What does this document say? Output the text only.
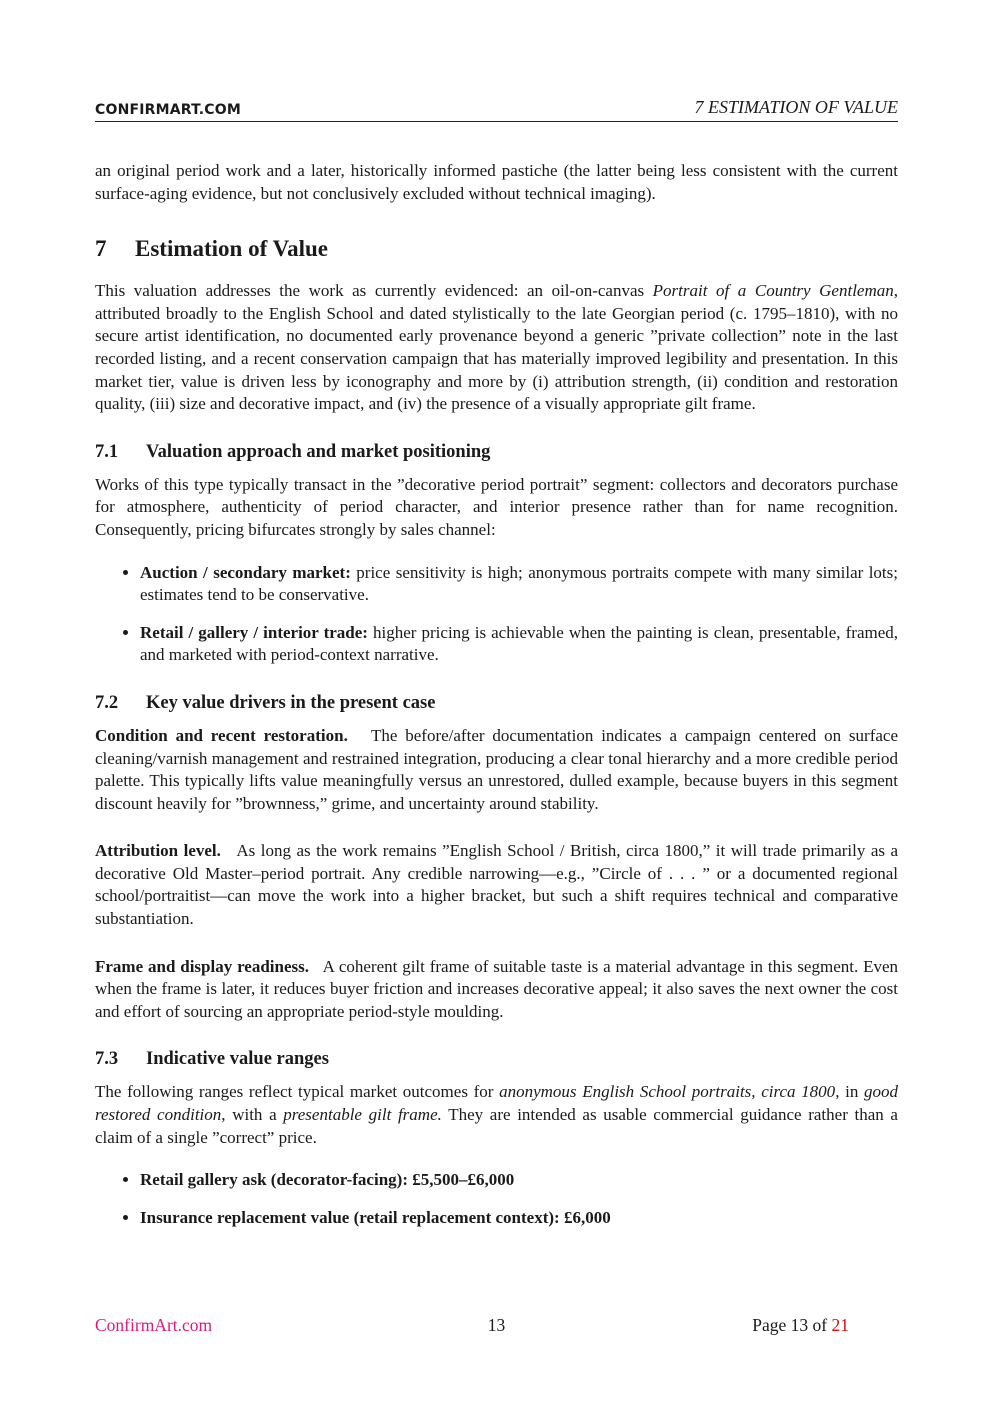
CONFIRMART.COM	7 ESTIMATION OF VALUE

an original period work and a later, historically informed pastiche (the latter being less consistent with the current surface-aging evidence, but not conclusively excluded without technical imaging).

7 Estimation of Value

This valuation addresses the work as currently evidenced: an oil-on-canvas Portrait of a Country Gentleman, attributed broadly to the English School and dated stylistically to the late Georgian period (c. 1795–1810), with no secure artist identification, no documented early provenance beyond a generic ”private collection” note in the last recorded listing, and a recent conservation campaign that has materially improved legibility and presentation. In this market tier, value is driven less by iconography and more by (i) attribution strength, (ii) condition and restoration quality, (iii) size and decorative impact, and (iv) the presence of a visually appropriate gilt frame.

7.1 Valuation approach and market positioning

Works of this type typically transact in the ”decorative period portrait” segment: collectors and decorators purchase for atmosphere, authenticity of period character, and interior presence rather than for name recognition. Consequently, pricing bifurcates strongly by sales channel:

• Auction / secondary market: price sensitivity is high; anonymous portraits compete with many similar lots; estimates tend to be conservative.
• Retail / gallery / interior trade: higher pricing is achievable when the painting is clean, presentable, framed, and marketed with period-context narrative.
7.2 Key value drivers in the present case

Condition and recent restoration. The before/after documentation indicates a campaign centered on surface cleaning/varnish management and restrained integration, producing a clear tonal hierarchy and a more credible period palette. This typically lifts value meaningfully versus an unrestored, dulled example, because buyers in this segment discount heavily for ”brownness,” grime, and uncertainty around stability.

Attribution level. As long as the work remains ”English School / British, circa 1800,” it will trade primarily as a decorative Old Master–period portrait. Any credible narrowing—e.g., ”Circle of . . . ” or a documented regional school/portraitist—can move the work into a higher bracket, but such a shift requires technical and comparative substantiation.

Frame and display readiness. A coherent gilt frame of suitable taste is a material advantage in this segment. Even when the frame is later, it reduces buyer friction and increases decorative appeal; it also saves the next owner the cost and effort of sourcing an appropriate period-style moulding.

7.3 Indicative value ranges

The following ranges reflect typical market outcomes for anonymous English School portraits, circa 1800, in good restored condition, with a presentable gilt frame. They are intended as usable commercial guidance rather than a claim of a single ”correct” price.

• Retail gallery ask (decorator-facing): £5,500–£6,000
• Insurance replacement value (retail replacement context): £6,000
ConfirmArt.com	13	Page 13 of 21
